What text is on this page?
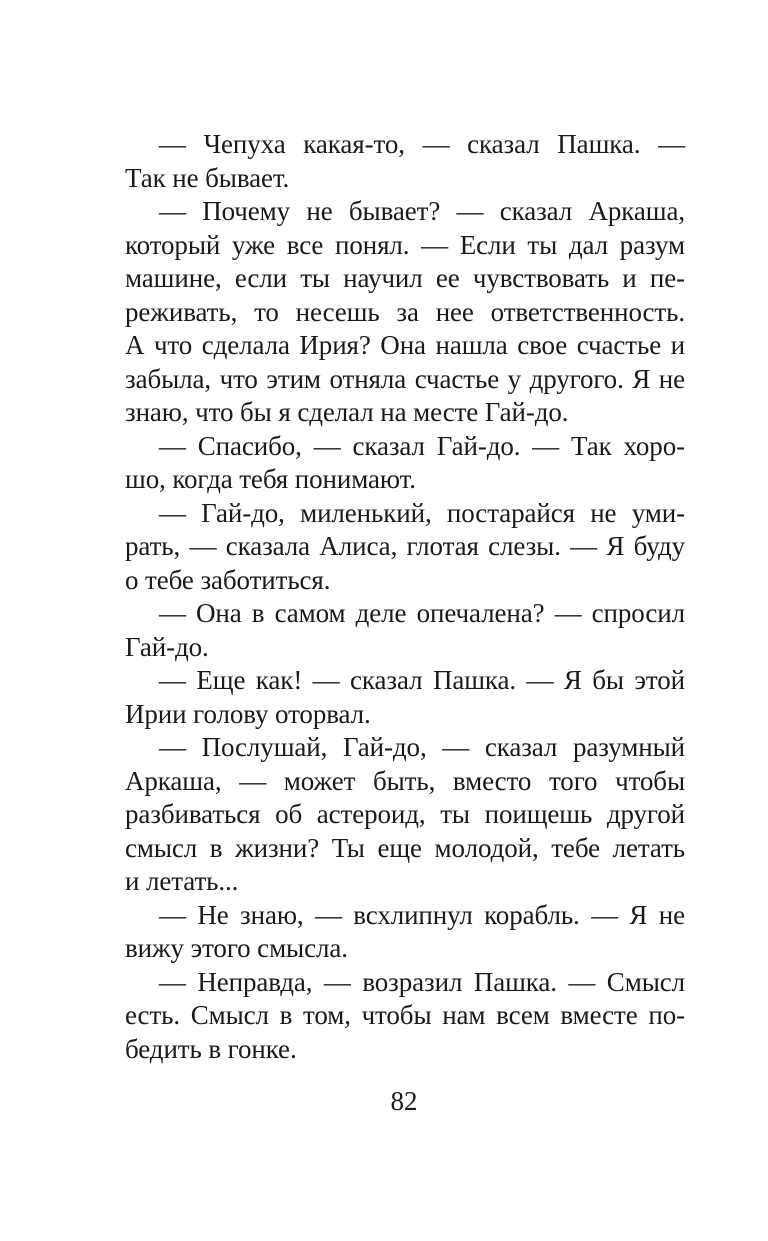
— Чепуха какая-то, — сказал Пашка. —
Так не бывает.
— Почему не бывает? — сказал Аркаша,
который уже все понял. — Если ты дал разум
машине, если ты научил ее чувствовать и пе-
реживать, то несешь за нее ответственность.
А что сделала Ирия? Она нашла свое счастье и
забыла, что этим отняла счастье у другого. Я не
знаю, что бы я сделал на месте Гай-до.
— Спасибо, — сказал Гай-до. — Так хоро-
шо, когда тебя понимают.
— Гай-до, миленький, постарайся не уми-
рать, — сказала Алиса, глотая слезы. — Я буду
о тебе заботиться.
— Она в самом деле опечалена? — спросил
Гай-до.
— Еще как! — сказал Пашка. — Я бы этой
Ирии голову оторвал.
— Послушай, Гай-до, — сказал разумный
Аркаша, — может быть, вместо того чтобы
разбиваться об астероид, ты поищешь другой
смысл в жизни? Ты еще молодой, тебе летать
и летать...
— Не знаю, — всхлипнул корабль. — Я не
вижу этого смысла.
— Неправда, — возразил Пашка. — Смысл
есть. Смысл в том, чтобы нам всем вместе по-
бедить в гонке.
82
